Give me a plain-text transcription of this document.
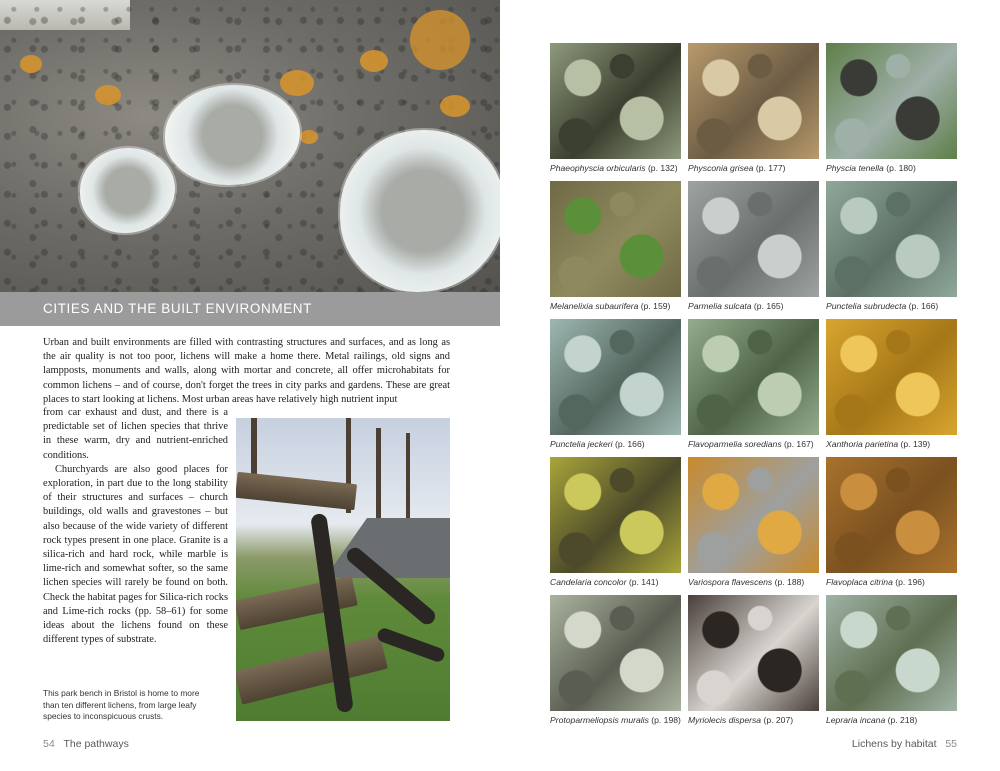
CITIES AND THE BUILT ENVIRONMENT
Urban and built environments are filled with contrasting structures and surfaces, and as long as the air quality is not too poor, lichens will make a home there. Metal railings, old signs and lampposts, monuments and walls, along with mortar and concrete, all offer microhabitats for common lichens – and of course, don't forget the trees in city parks and gardens. These are great places to start looking at lichens. Most urban areas have relatively high nutrient input

from car exhaust and dust, and there is a predictable set of lichen species that thrive in these warm, dry and nutrient-enriched conditions.

Churchyards are also good places for exploration, in part due to the long stability of their structures and surfaces – church buildings, old walls and gravestones – but also because of the wide variety of different rock types present in one place. Granite is a silica-rich and hard rock, while marble is lime-rich and somewhat softer, so the same lichen species will rarely be found on both. Check the habitat pages for Silica-rich rocks and Lime-rich rocks (pp. 58–61) for some ideas about the lichens found on these different types of substrate.

This park bench in Bristol is home to more than ten different lichens, from large leafy species to inconspicuous crusts.
54 The pathways
Phaeophyscia orbicularis (p. 132)	Physconia grisea (p. 177)	Physcia tenella (p. 180)
Melanelixia subaurifera (p. 159)	Parmelia sulcata (p. 165)	Punctelia subrudecta (p. 166)
Punctelia jeckeri (p. 166)	Flavoparmelia soredians (p. 167)	Xanthoria parietina (p. 139)
Candelaria concolor (p. 141)	Variospora flavescens (p. 188)	Flavoplaca citrina (p. 196)
Protoparmeliopsis muralis (p. 198) Myriolecis dispersa (p. 207)	Lepraria incana (p. 218)
Lichens by habitat 55
